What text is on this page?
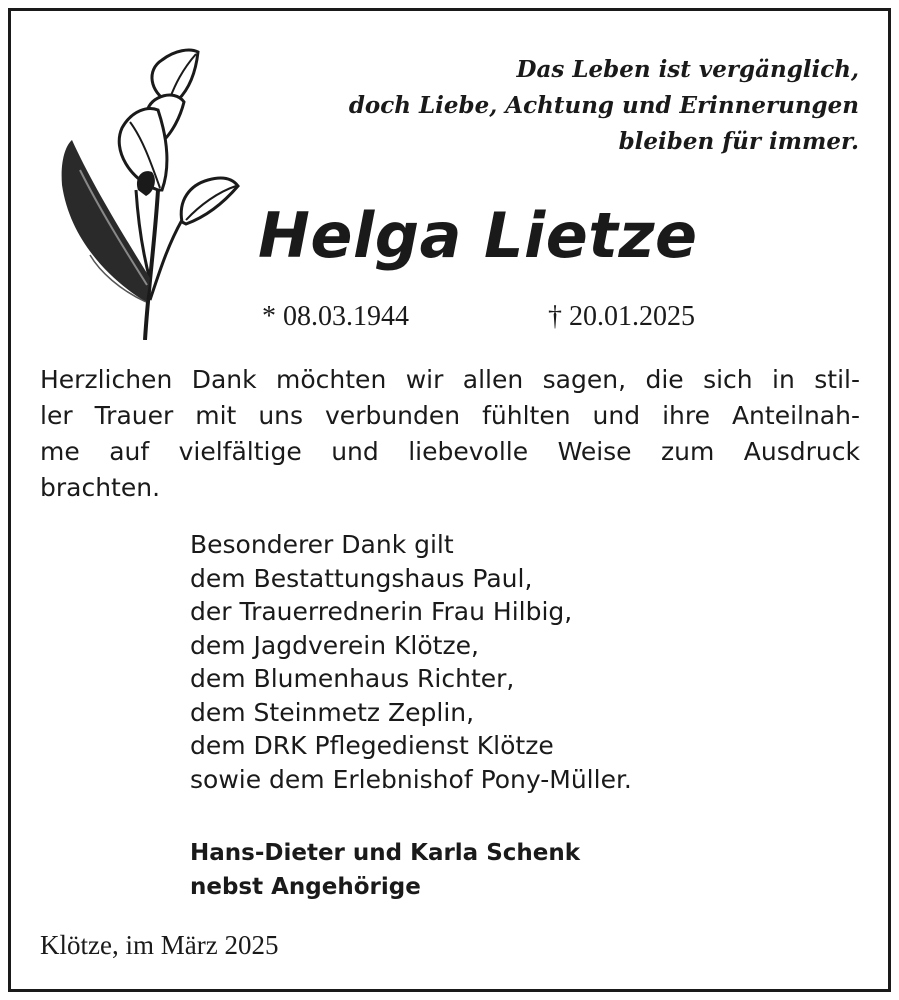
Das Leben ist vergänglich,
doch Liebe, Achtung und Erinnerungen
bleiben für immer.
Helga Lietze
* 08.03.1944	† 20.01.2025
Herzlichen Dank möchten wir allen sagen, die sich in stil-
ler Trauer mit uns verbunden fühlten und ihre Anteilnah-
me auf vielfältige und liebevolle Weise zum Ausdruck
brachten.
Besonderer Dank gilt
dem Bestattungshaus Paul,
der Trauerrednerin Frau Hilbig,
dem Jagdverein Klötze,
dem Blumenhaus Richter,
dem Steinmetz Zeplin,
dem DRK Pflegedienst Klötze
sowie dem Erlebnishof Pony-Müller.
Hans-Dieter und Karla Schenk
nebst Angehörige
Klötze, im März 2025
